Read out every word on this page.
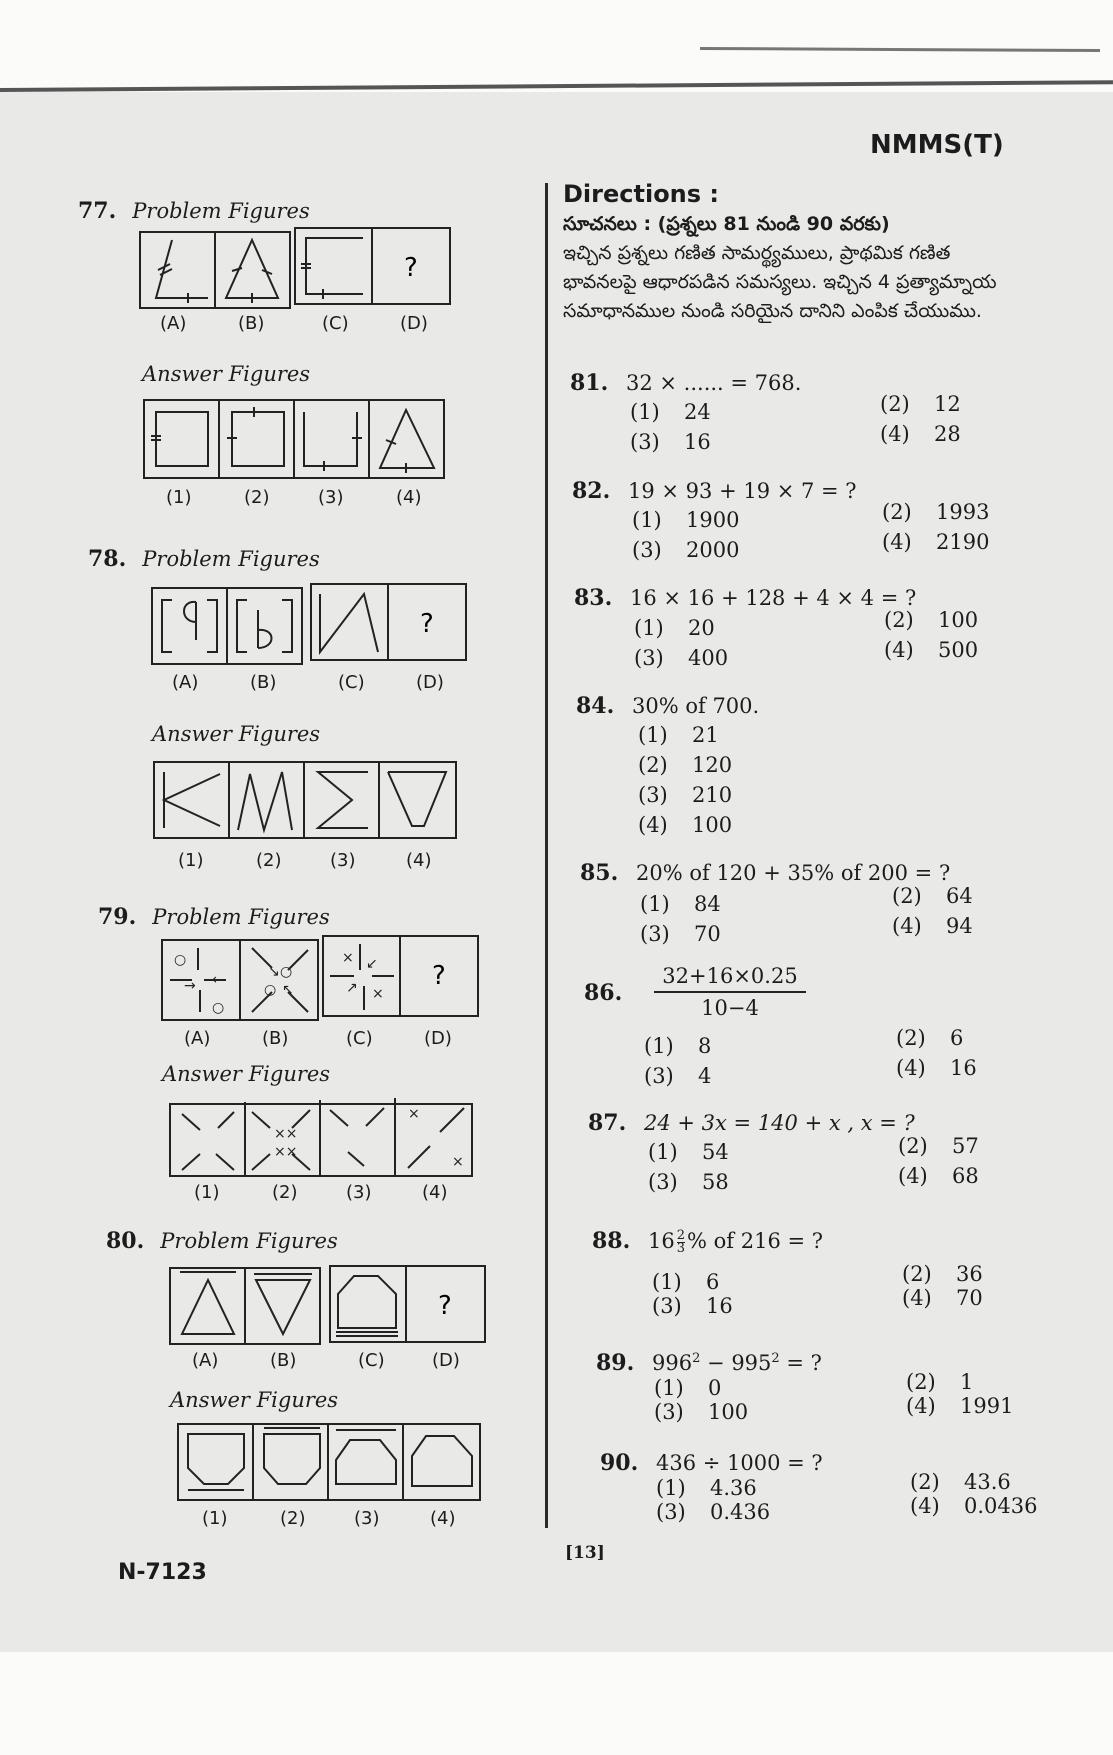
NMMS(T)
77. Problem Figures
?
(A)	(B)	(C)	(D)
Answer Figures
(1)	(2)	(3)	(4)
78. Problem Figures
?
(A)	(B)	(C)	(D)
Answer Figures
(1)	(2)	(3)	(4)
79. Problem Figures
○
→ ←
○
↘ ○
○ ↖
× ↙
↗ ×
?
(A)	(B)	(C)	(D)
Answer Figures
××
××
×
×
(1)	(2)	(3)	(4)
80. Problem Figures
?
(A)	(B)	(C)	(D)
Answer Figures
(1)	(2)	(3)	(4)
Directions :
సూచనలు : (ప్రశ్నలు 81 నుండి 90 వరకు)
ఇచ్చిన ప్రశ్నలు గణిత సామర్థ్యములు, ప్రాథమిక గణిత భావనలపై ఆధారపడిన సమస్యలు. ఇచ్చిన 4 ప్రత్యామ్నాయ సమాధానముల నుండి సరియైన దానిని ఎంపిక చేయుము.
81. 32 × ...... = 768.
(1) 24	(2) 12
(3) 16	(4) 28
82. 19 × 93 + 19 × 7 = ?
(1) 1900	(2) 1993
(3) 2000	(4) 2190
83. 16 × 16 + 128 + 4 × 4 = ?
(1) 20	(2) 100
(3) 400	(4) 500
84. 30% of 700.
(1) 21
(2) 120
(3) 210
(4) 100
85. 20% of 120 + 35% of 200 = ?
(1) 84	(2) 64
(3) 70	(4) 94
86.
32+16×0.25
10−4
(1) 8	(2) 6
(3) 4	(4) 16
87. 24 + 3x = 140 + x , x = ?
(1) 54	(2) 57
(3) 58	(4) 68
88. $16 \frac{2}{3}$ % of 216 = ?
(1) 6	(2) 36
(3) 16	(4) 70
89. $996^2 - 995^2$ = ?
(1) 0	(2) 1
(3) 100	(4) 1991
90. 436 ÷ 1000 = ?
(1) 4.36	(2) 43.6
(3) 0.436	(4) 0.0436
N-7123
[13]
